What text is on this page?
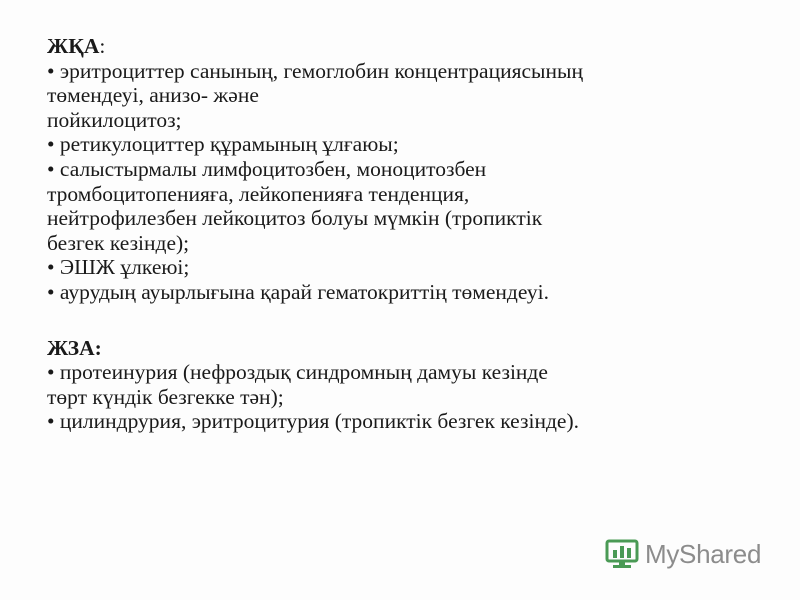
ЖҚА:

• эритроциттер санының, гемоглобин концентрациясының

төмендеуі, анизо- және

пойкилоцитоз;

• ретикулоциттер құрамының ұлғаюы;

• салыстырмалы лимфоцитозбен, моноцитозбен

тромбоцитопенияға, лейкопенияға тенденция,

нейтрофилезбен лейкоцитоз болуы мүмкін (тропиктік

безгек кезінде);

• ЭШЖ ұлкеюі;

• аурудың ауырлығына қарай гематокриттің төмендеуі.

ЖЗА:

• протеинурия (нефроздық синдромның дамуы кезінде

төрт күндік безгекке тән);

• цилиндрурия, эритроцитурия (тропиктік безгек кезінде).

MyShared
